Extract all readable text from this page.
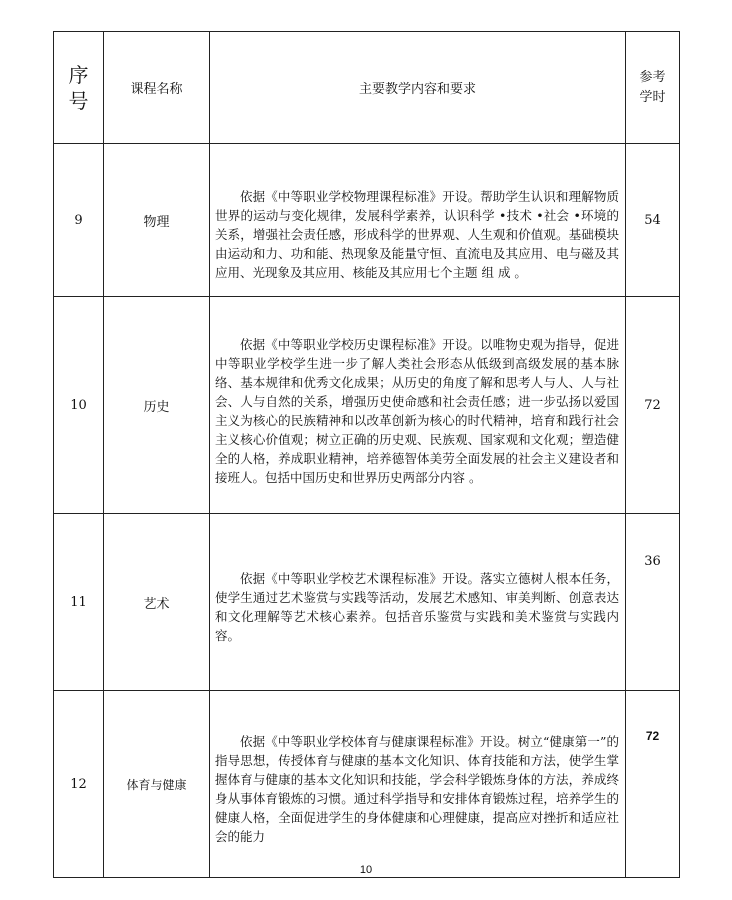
序
号	课程名称	主要教学内容和要求	参考
学时

9	物理	依据《中等职业学校物理课程标准》开设。帮助学生认识和理解物质世界的运动与变化规律，发展科学素养，认识科学 •技术 •社会 •环境的关系，增强社会责任感，形成科学的世界观、人生观和价值观。基础模块由运动和力、功和能、热现象及能量守恒、直流电及其应用、电与磁及其应用、光现象及其应用、核能及其应用七个主题 组 成 。	54
10	历史	依据《中等职业学校历史课程标准》开设。以唯物史观为指导，促进中等职业学校学生进一步了解人类社会形态从低级到高级发展的基本脉络、基本规律和优秀文化成果；从历史的角度了解和思考人与人、人与社会、人与自然的关系，增强历史使命感和社会责任感；进一步弘扬以爱国主义为核心的民族精神和以改革创新为核心的时代精神，培育和践行社会主义核心价值观；树立正确的历史观、民族观、国家观和文化观；塑造健全的人格，养成职业精神，培养德智体美劳全面发展的社会主义建设者和接班人。包括中国历史和世界历史两部分内容 。	72
11	艺术	依据《中等职业学校艺术课程标准》开设。落实立德树人根本任务，使学生通过艺术鉴赏与实践等活动，发展艺术感知、审美判断、创意表达和文化理解等艺术核心素养。包括音乐鉴赏与实践和美术鉴赏与实践内容。	36
12	体育与健康	依据《中等职业学校体育与健康课程标准》开设。树立“健康第一”的指导思想，传授体育与健康的基本文化知识、体育技能和方法，使学生掌握体育与健康的基本文化知识和技能，学会科学锻炼身体的方法，养成终身从事体育锻炼的习惯。通过科学指导和安排体育锻炼过程，培养学生的健康人格，全面促进学生的身体健康和心理健康，提高应对挫折和适应社会的能力	72
10
